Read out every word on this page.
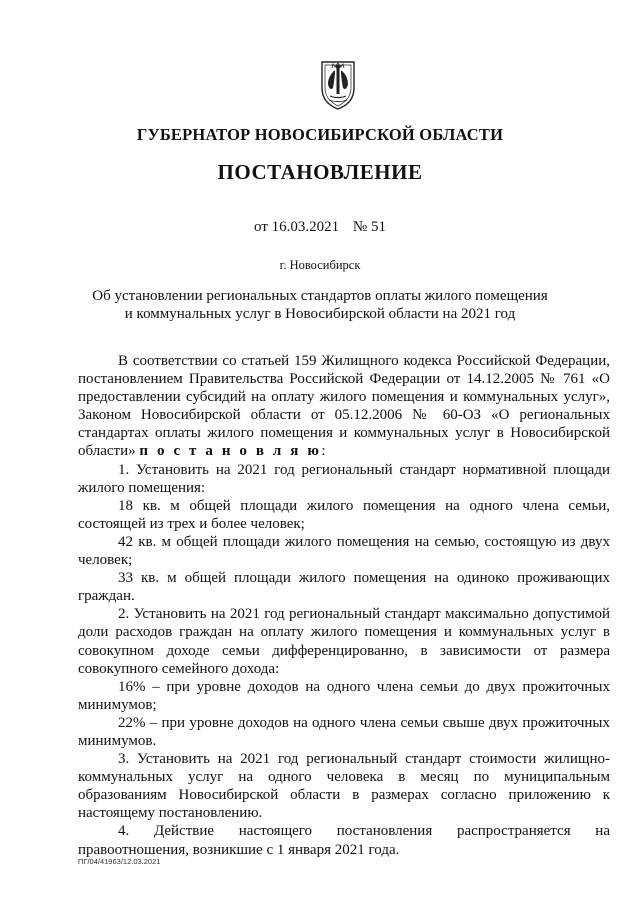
ГУБЕРНАТОР НОВОСИБИРСКОЙ ОБЛАСТИ
ПОСТАНОВЛЕНИЕ
от 16.03.2021 № 51
г. Новосибирск
Об установлении региональных стандартов оплаты жилого помещения
и коммунальных услуг в Новосибирской области на 2021 год

В соответствии со статьей 159 Жилищного кодекса Российской Федерации, постановлением Правительства Российской Федерации от 14.12.2005 № 761 «О предоставлении субсидий на оплату жилого помещения и коммунальных услуг», Законом Новосибирской области от 05.12.2006 № 60-ОЗ «О региональных стандартах оплаты жилого помещения и коммунальных услуг в Новосибирской области» п о с т а н о в л я ю:

1. Установить на 2021 год региональный стандарт нормативной площади жилого помещения:

18 кв. м общей площади жилого помещения на одного члена семьи, состоящей из трех и более человек;

42 кв. м общей площади жилого помещения на семью, состоящую из двух человек;

33 кв. м общей площади жилого помещения на одиноко проживающих граждан.

2. Установить на 2021 год региональный стандарт максимально допустимой доли расходов граждан на оплату жилого помещения и коммунальных услуг в совокупном доходе семьи дифференцированно, в зависимости от размера совокупного семейного дохода:

16% – при уровне доходов на одного члена семьи до двух прожиточных минимумов;

22% – при уровне доходов на одного члена семьи свыше двух прожиточных минимумов.

3. Установить на 2021 год региональный стандарт стоимости жилищно-коммунальных услуг на одного человека в месяц по муниципальным образованиям Новосибирской области в размерах согласно приложению к настоящему постановлению.

4. Действие настоящего постановления распространяется на правоотношения, возникшие с 1 января 2021 года.

ПГ/04/41963/12.03.2021
